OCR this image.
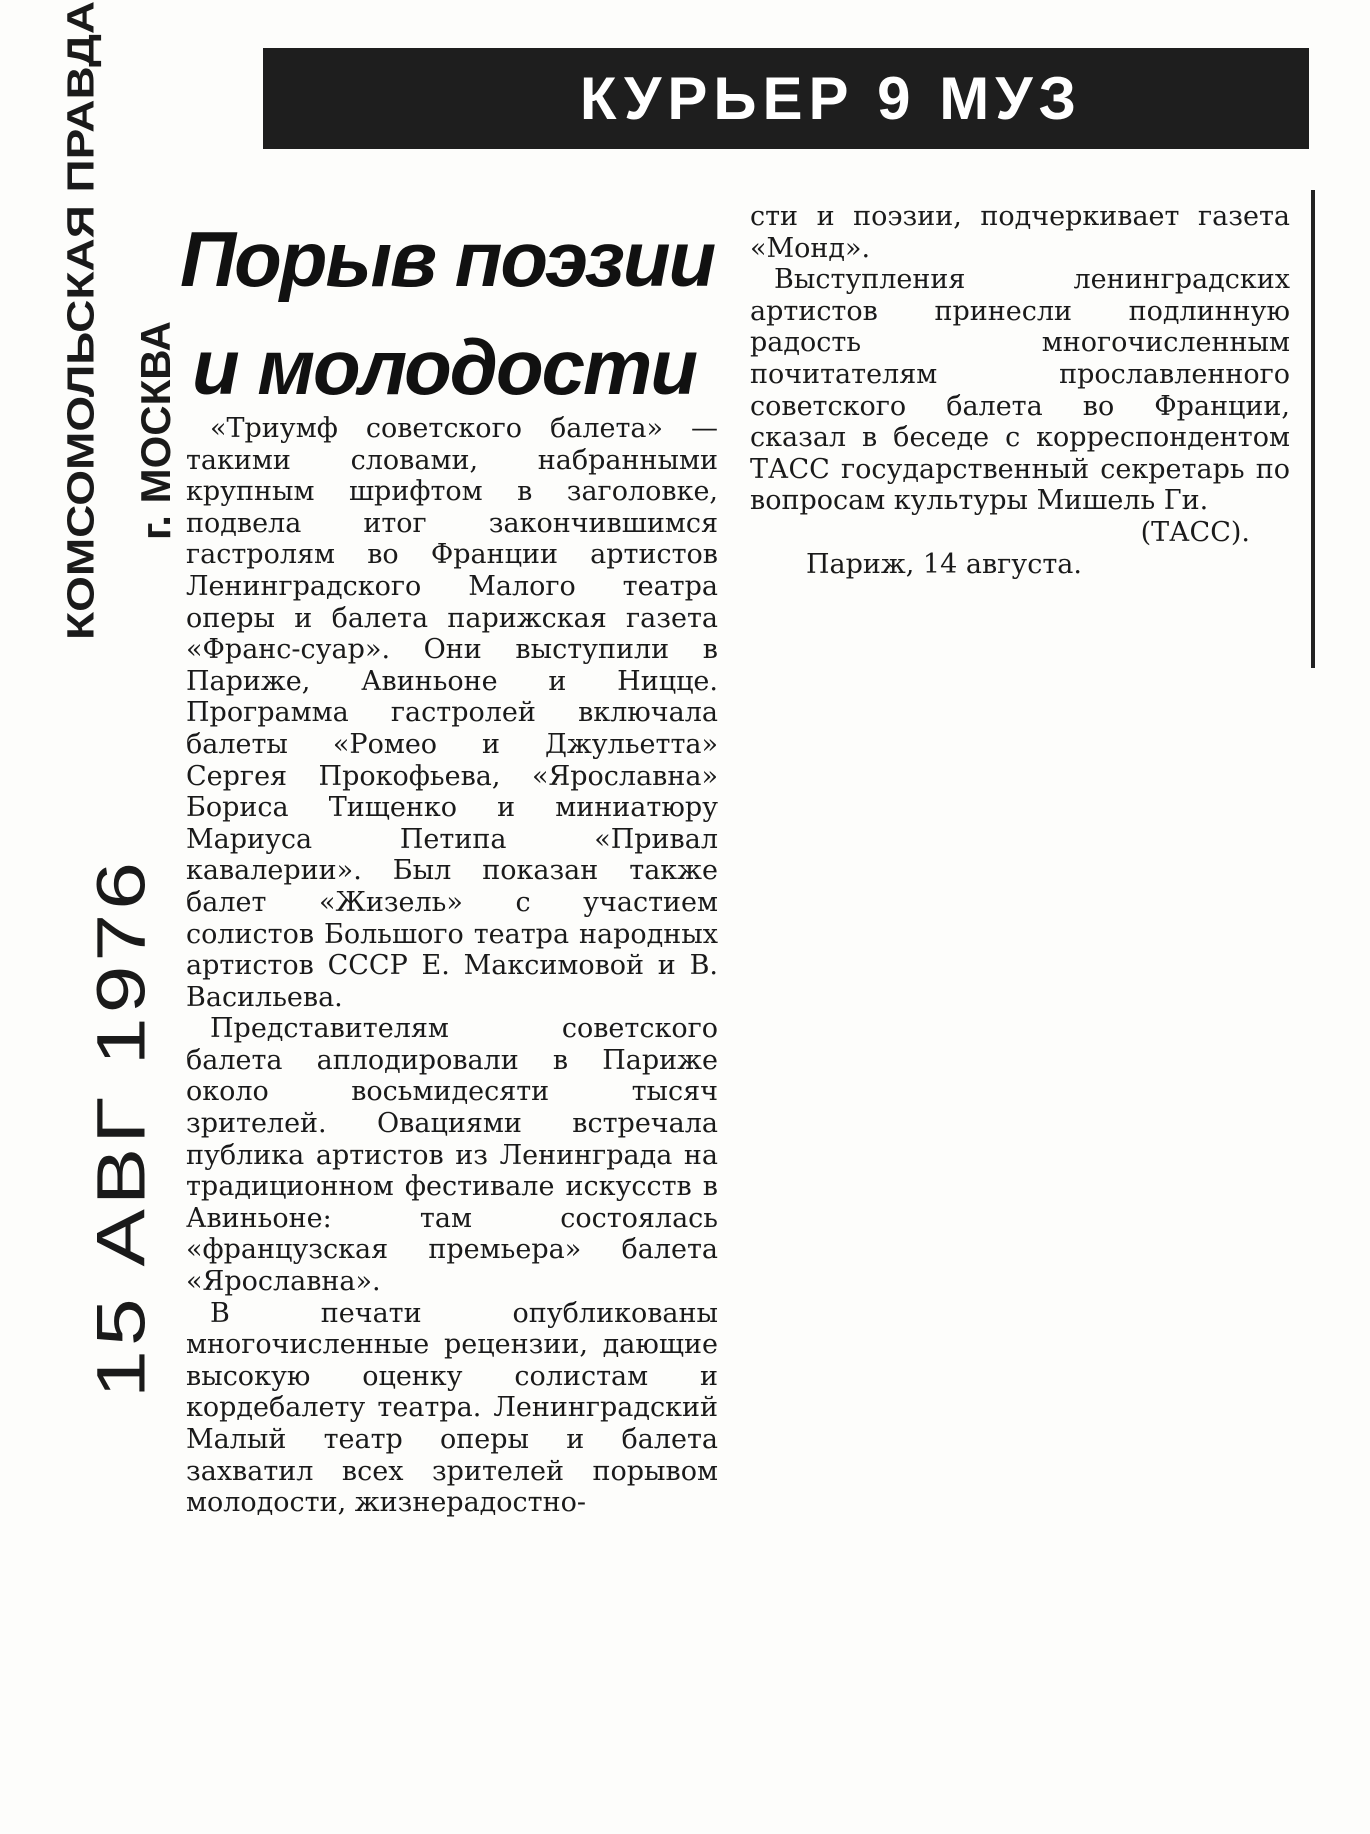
КОМСОМОЛЬСКАЯ ПРАВДА г. МОСКВА
15 АВГ 1976
КУРЬЕР 9 МУЗ
Порыв поэзии
и молодости

«Триумф советского балета» — такими словами, набранными крупным шрифтом в заголовке, подвела итог закончившимся гастролям во Франции артистов Ленинградского Малого театра оперы и балета парижская газета «Франс-суар». Они выступили в Париже, Авиньоне и Ницце. Программа гастролей включала балеты «Ромео и Джульетта» Сергея Прокофьева, «Ярославна» Бориса Тищенко и миниатюру Мариуса Петипа «Привал кавалерии». Был показан также балет «Жизель» с участием солистов Большого театра народных артистов СССР Е. Максимовой и В. Васильева.

Представителям советского балета аплодировали в Париже около восьмидесяти тысяч зрителей. Овациями встречала публика артистов из Ленинграда на традиционном фестивале искусств в Авиньоне: там состоялась «французская премьера» балета «Ярославна».

В печати опубликованы многочисленные рецензии, дающие высокую оценку солистам и кордебалету театра. Ленинградский Малый театр оперы и балета захватил всех зрителей порывом молодости, жизнерадостно-

сти и поэзии, подчеркивает газета «Монд».

Выступления ленинградских артистов принесли подлинную радость многочисленным почитателям прославленного советского балета во Франции, сказал в беседе с корреспондентом ТАСС государственный секретарь по вопросам культуры Мишель Ги.

(ТАСС).

Париж, 14 августа.
